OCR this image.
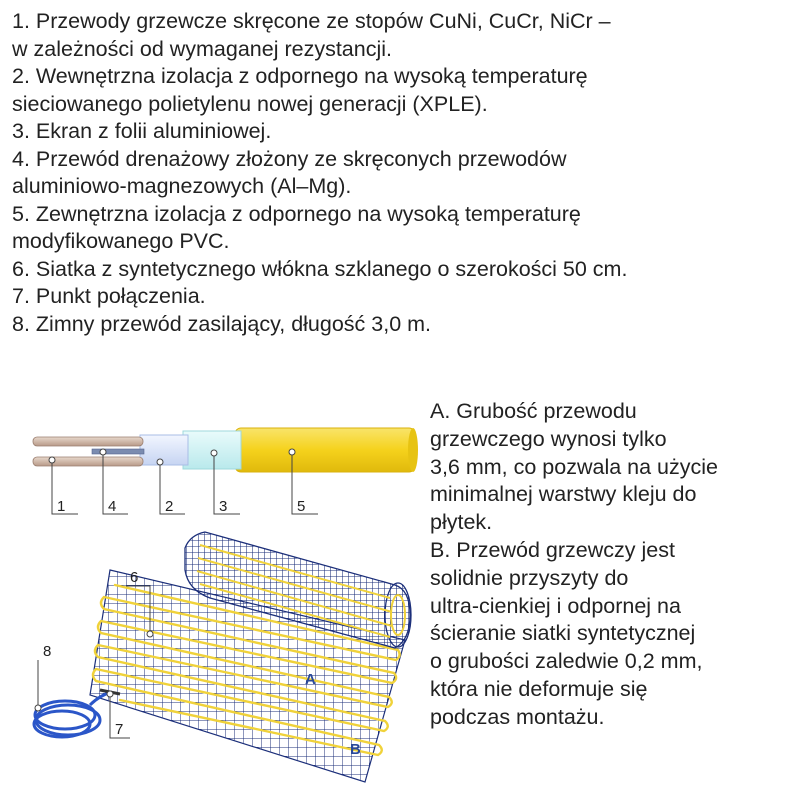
1. Przewody grzewcze skręcone ze stopów CuNi, CuCr, NiCr –
w zależności od wymaganej rezystancji.
2. Wewnętrzna izolacja z odpornego na wysoką temperaturę
sieciowanego polietylenu nowej generacji (XPLE).
3. Ekran z folii aluminiowej.
4. Przewód drenażowy złożony ze skręconych przewodów
aluminiowo-magnezowych (Al–Mg).
5. Zewnętrzna izolacja z odpornego na wysoką temperaturę
modyfikowanego PVC.
6. Siatka z syntetycznego włókna szklanego o szerokości 50 cm.
7. Punkt połączenia.
8. Zimny przewód zasilający, długość 3,0 m.
A. Grubość przewodu
grzewczego wynosi tylko
3,6 mm, co pozwala na użycie
minimalnej warstwy kleju do
płytek.
B. Przewód grzewczy jest
solidnie przyszyty do
ultra-cienkiej i odpornej na
ścieranie siatki syntetycznej
o grubości zaledwie 0,2 mm,
która nie deformuje się
podczas montażu.
1	4	2	3	5
6
8
7
A
B
